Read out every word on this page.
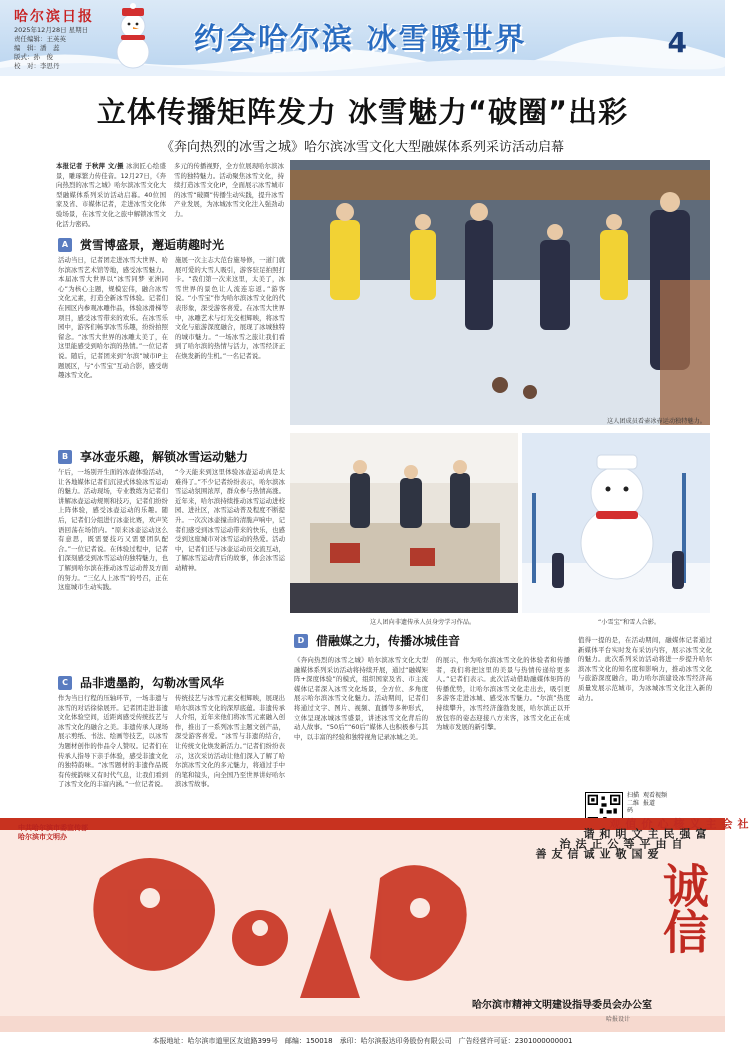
哈尔滨日报
2025年12月28日 星期日
责任编辑：王英英
编　辑：潘　蕊
版式：孙　俊
校　对：李思丹
约会哈尔滨 冰雪暖世界	4
立体传播矩阵发力 冰雪魅力“破圈”出彩
《奔向热烈的冰雪之城》哈尔滨冰雪文化大型融媒体系列采访活动启幕
本报记者 于秋萍 文/摄 冰润匠心绘盛景，雕琢繁力传佳音。12月27日，《奔向热烈的冰雪之城》哈尔滨冰雪文化大型融媒体系列采访活动启幕。40位国家及省、市媒体记者，走进冰雪文化体验场景，在冰雪文化之旅中解锁冰雪文化活力密码。
多元的传播视野，全方位展现哈尔滨冰雪的独特魅力。活动聚焦冰雪文化，持续打造冰雪文化IP，全面展示冰雪城市的冰雪“破圈”传播生动实践，提升冰雪产业发展，为冰城冰雪文化注入强劲动力。
这人团成员看壶冰壶运动独特魅力。
A 赏雪博盛景，邂逅萌趣时光
活动当日，记者团走进冰雪大世界、哈尔滨冰雪艺术馆等地，感受冰雪魅力。本届冰雪大世界以“冰雪同梦 亚洲同心”为核心主题，规模宏伟，融合冰雪文化元素，打造全新冰雪体验。记者们在园区内参观冰雕作品，体验冰滑梯等项目，感受冰雪带来的欢乐。在冰雪乐园中，游客们畅享冰雪乐趣，纷纷拍照留念。“冰雪大世界的冰雕太美了，在这里能感受到哈尔滨的热情。”一位记者说。随后，记者团来到“尔滨”城市IP主题展区，与“小雪宝”互动合影，感受萌趣冰雪文化。
施展一次主志大范台施导修，一道门就展可爱的大雪人吸引，游客驻足拍照打卡。“我们第一次来这里，太美了，冰雪世界的景色让人流连忘返。”游客说。“小雪宝”作为哈尔滨冰雪文化的代表形象，深受游客喜爱。在冰雪大世界中，冰雕艺术与灯光交相辉映，将冰雪文化与旅游深度融合，展现了冰城独特的城市魅力。“一场冰雪之旅让我们看到了哈尔滨的热情与活力，冰雪经济正在焕发新的生机。”一名记者说。
B 享冰壶乐趣，解锁冰雪运动魅力
午后，一场别开生面的冰壶体验活动，让各地媒体记者们沉浸式体验冰雪运动的魅力。活动现场，专业教练为记者们讲解冰壶运动规则和技巧，记者们纷纷上阵体验，感受冰壶运动的乐趣。随后，记者们分组进行冰壶比赛，欢声笑语回荡在场馆内。“原来冰壶运动这么有意思，既需要技巧又需要团队配合。”一位记者说。在体验过程中，记者们深刻感受到冰雪运动的独特魅力，也了解到哈尔滨在推动冰雪运动普及方面的努力。“三亿人上冰雪”的号召，正在这座城市生动实践。
“今天能来到这里体验冰壶运动真是太难得了。”不少记者纷纷表示，哈尔滨冰雪运动氛围浓厚，群众参与热情高涨。近年来，哈尔滨持续推动冰雪运动进校园、进社区，冰雪运动普及程度不断提升。一次次冰壶撞击的清脆声响中，记者们感受到冰雪运动带来的快乐，也感受到这座城市对冰雪运动的热爱。活动中，记者们还与冰壶运动员交流互动，了解冰雪运动背后的故事，体会冰雪运动精神。
这人团向非遗传承人员身旁学习作品。	“小雪宝”和雪人合影。
C	品非遗墨韵，勾勒冰雪风华
作为当日行程的压轴环节，一场非遗与冰雪的对话徐徐展开。记者团走进非遗文化体验空间，近距离感受传统技艺与冰雪文化的融合之美。非遗传承人现场展示剪纸、书法、绘画等技艺，以冰雪为题材创作的作品令人赞叹。记者们在传承人指导下亲手体验，感受非遗文化的独特韵味。“冰雪题材的非遗作品既有传统韵味又有时代气息，让我们看到了冰雪文化的丰富内涵。”一位记者说。
传统技艺与冰雪元素交相辉映，展现出哈尔滨冰雪文化的深厚底蕴。非遗传承人介绍，近年来他们将冰雪元素融入创作，推出了一系列冰雪主题文创产品，深受游客喜爱。“冰雪与非遗的结合，让传统文化焕发新活力。”记者们纷纷表示，这次采访活动让他们深入了解了哈尔滨冰雪文化的多元魅力，将通过手中的笔和镜头，向全国乃至世界讲好哈尔滨冰雪故事。
D 借融媒之力，传播冰城佳音
《奔向热烈的冰雪之城》哈尔滨冰雪文化大型融媒体系列采访活动将持续开展，通过“融媒矩阵+深度体验”的模式，组织国家及省、市主流媒体记者深入冰雪文化场景，全方位、多角度展示哈尔滨冰雪文化魅力。活动期间，记者们将通过文字、图片、视频、直播等多种形式，立体呈现冰城冰雪盛景，讲述冰雪文化背后的动人故事。“50后”“60后”媒体人也积极参与其中，以丰富的经验和独特视角记录冰城之美。
的展示，作为哈尔滨冰雪文化的体验者和传播者，我们将把这里的美景与热情传递给更多人。”记者们表示。此次活动借助融媒体矩阵的传播优势，让哈尔滨冰雪文化走出去，吸引更多游客走进冰城、感受冰雪魅力。“尔滨”热度持续攀升，冰雪经济蓬勃发展，哈尔滨正以开放包容的姿态迎接八方来客，冰雪文化正在成为城市发展的新引擎。
值得一提的是，在活动期间，融媒体记者通过新媒体平台实时发布采访内容，展示冰雪文化的魅力。此次系列采访活动将进一步提升哈尔滨冰雪文化的知名度和影响力，推动冰雪文化与旅游深度融合，助力哈尔滨建设冰雪经济高质量发展示范城市，为冰城冰雪文化注入新的动力。
扫描二维码
观看视频报道
中共哈尔滨市委宣传部
哈尔滨市文明办
爱国 敬业 诚信 友善
自由 平等 公正 法治
富强 民主 文明 和谐
社会主义核心价值观
诚信
哈尔滨市精神文明建设指导委员会办公室
哈报设计
本报地址：哈尔滨市道里区友谊路399号　邮编：150018　承印：哈尔滨报达印务股份有限公司　广告经营许可证：2301000000001
